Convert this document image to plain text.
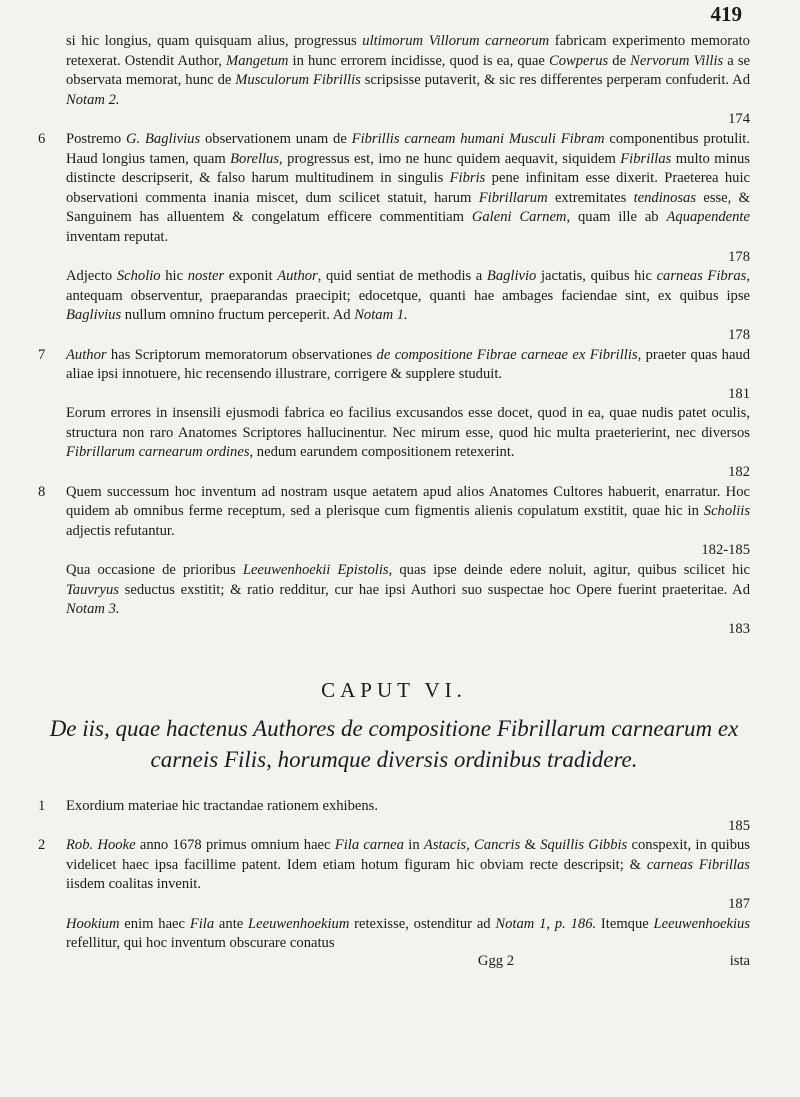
419

si hic longius, quam quisquam alius, progressus ultimorum Villorum carneorum fabricam experimento memorato retexerat. Ostendit Author, Mangetum in hunc errorem incidisse, quod is ea, quae Cowperus de Nervorum Villis a se observata memorat, hunc de Musculorum Fibrillis scripsisse putaverit, & sic res differentes perperam confuderit. Ad Notam 2.

174

6 Postremo G. Baglivius observationem unam de Fibrillis carneam humani Musculi Fibram componentibus protulit. Haud longius tamen, quam Borellus, progressus est, imo ne hunc quidem aequavit, siquidem Fibrillas multo minus distincte descripserit, & falso harum multitudinem in singulis Fibris pene infinitam esse dixerit. Praeterea huic observationi commenta inania miscet, dum scilicet statuit, harum Fibrillarum extremitates tendinosas esse, & Sanguinem has alluentem & congelatum efficere commentitiam Galeni Carnem, quam ille ab Aquapendente inventam reputat.

178

Adjecto Scholio hic noster exponit Author, quid sentiat de methodis a Baglivio jactatis, quibus hic carneas Fibras, antequam observentur, praeparandas praecipit; edocetque, quanti hae ambages faciendae sint, ex quibus ipse Baglivius nullum omnino fructum perceperit. Ad Notam 1.

178

7 Author has Scriptorum memoratorum observationes de compositione Fibrae carneae ex Fibrillis, praeter quas haud aliae ipsi innotuere, hic recensendo illustrare, corrigere & supplere studuit.

181

Eorum errores in insensili ejusmodi fabrica eo facilius excusandos esse docet, quod in ea, quae nudis patet oculis, structura non raro Anatomes Scriptores hallucinentur. Nec mirum esse, quod hic multa praeterierint, nec diversos Fibrillarum carnearum ordines, nedum earundem compositionem retexerint.

182

8 Quem successum hoc inventum ad nostram usque aetatem apud alios Anatomes Cultores habuerit, enarratur. Hoc quidem ab omnibus ferme receptum, sed a plerisque cum figmentis alienis copulatum exstitit, quae hic in Scholiis adjectis refutantur.

182-185

Qua occasione de prioribus Leeuwenhoekii Epistolis, quas ipse deinde edere noluit, agitur, quibus scilicet hic Tauvryus seductus exstitit; & ratio redditur, cur hae ipsi Authori suo suspectae hoc Opere fuerint praeteritae. Ad Notam 3.

183
CAPUT VI.

De iis, quae hactenus Authores de compositione Fibrillarum carnearum ex carneis Filis, horumque diversis ordinibus tradidere.

1 Exordium materiae hic tractandae rationem exhibens.

185

2 Rob. Hooke anno 1678 primus omnium haec Fila carnea in Astacis, Cancris & Squillis Gibbis conspexit, in quibus videlicet haec ipsa facillime patent. Idem etiam hotum figuram hic obviam recte descripsit; & carneas Fibrillas iisdem coalitas invenit.

187

Hookium enim haec Fila ante Leeuwenhoekium retexisse, ostenditur ad Notam 1, p. 186. Itemque Leeuwenhoekius refellitur, qui hoc inventum obscurare conatus

Ggg 2	ista
